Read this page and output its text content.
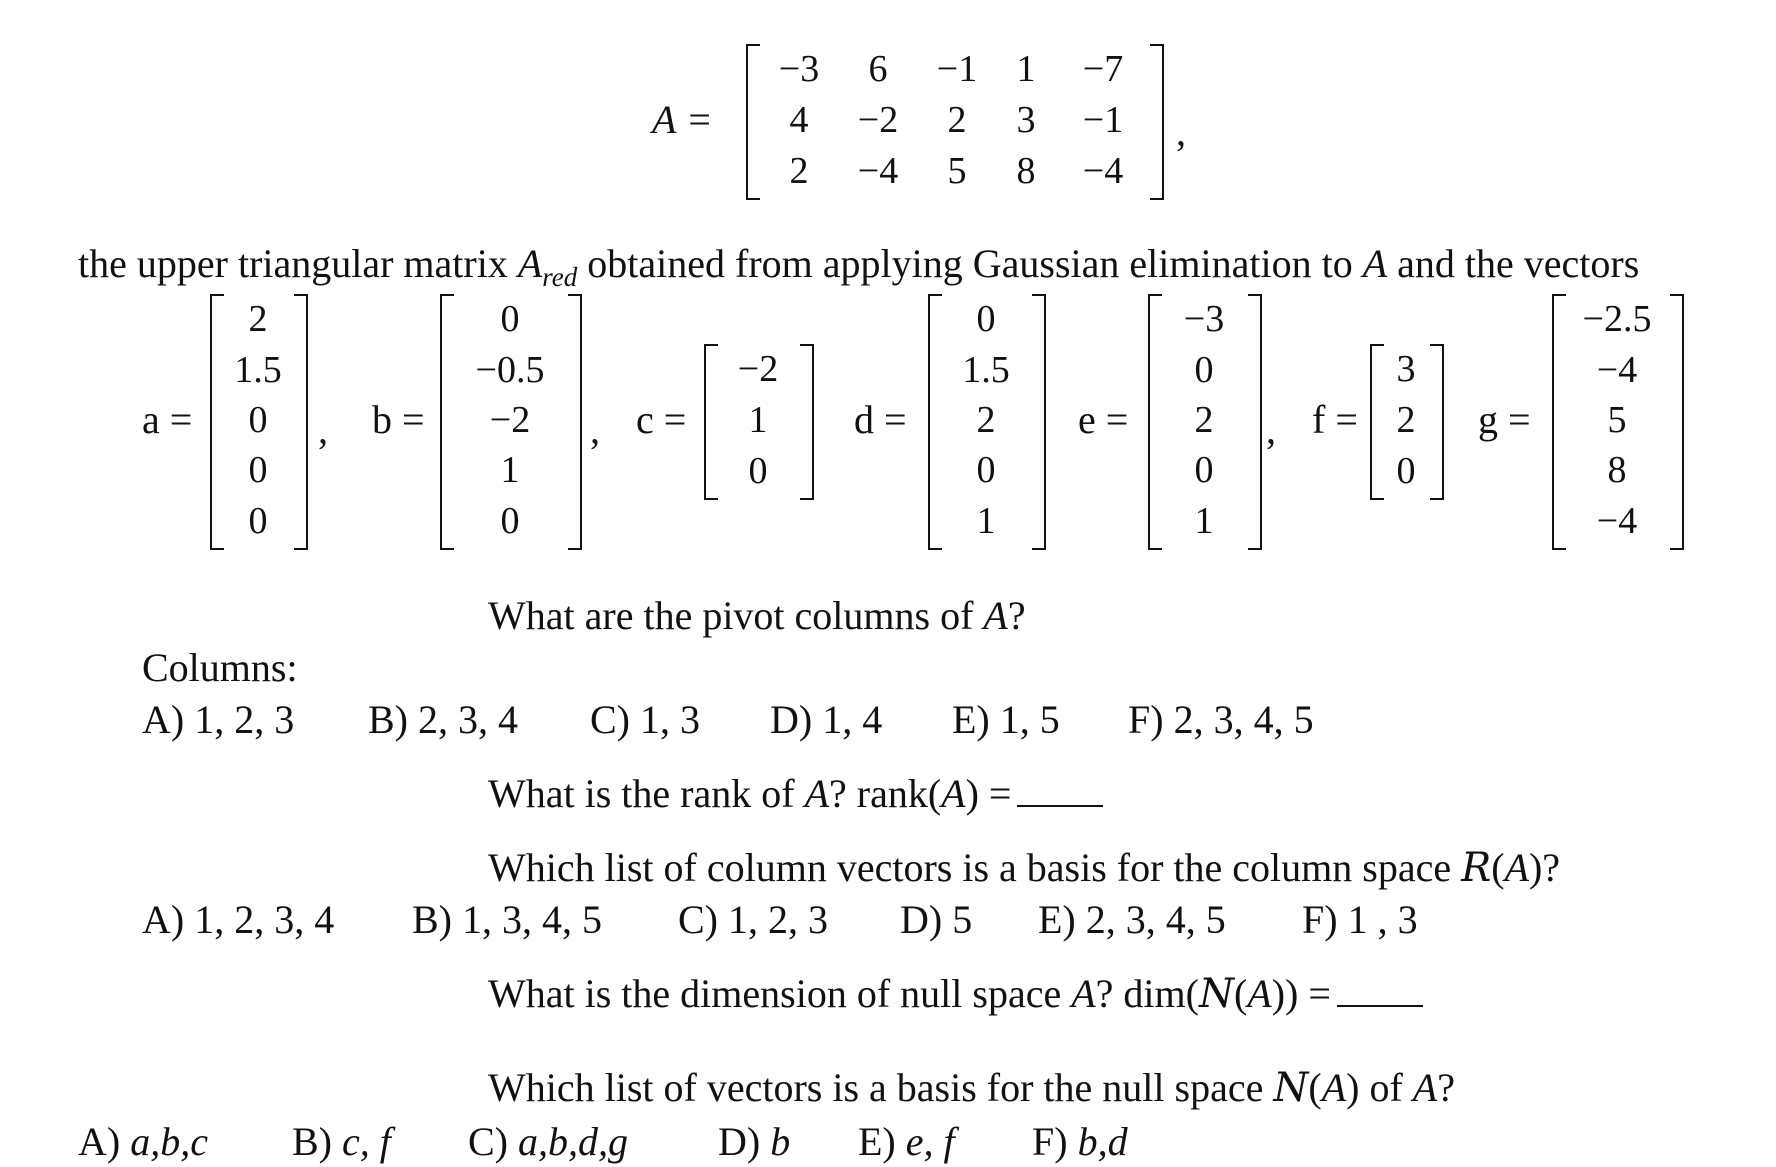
A =
−3	6	−1	1	−7
4	−2	2	3	−1
2	−4	5	8	−4
,
the upper triangular matrix $A_{red}$ obtained from applying Gaussian elimination to A and the vectors
a =
2
1.5
0
0
0
, b =
0
−0.5
−2
1
0
, c =
−2
1
0
d =
0
1.5
2
0
1
e =
−3
0
2
0
1
, f =
3
2
0
g =
−2.5
−4
5
8
−4
What are the pivot columns of A?
Columns:
A) 1, 2, 3 B) 2, 3, 4 C) 1, 3 D) 1, 4 E) 1, 5 F) 2, 3, 4, 5
What is the rank of A? rank(A) =
Which list of column vectors is a basis for the column space R(A)?
A) 1, 2, 3, 4 B) 1, 3, 4, 5 C) 1, 2, 3 D) 5 E) 2, 3, 4, 5 F) 1 , 3
What is the dimension of null space A? dim(N(A)) =
Which list of vectors is a basis for the null space N(A) of A?
A) a,b,c B) c, f C) a,b,d,g D) b E) e, f F) b,d
